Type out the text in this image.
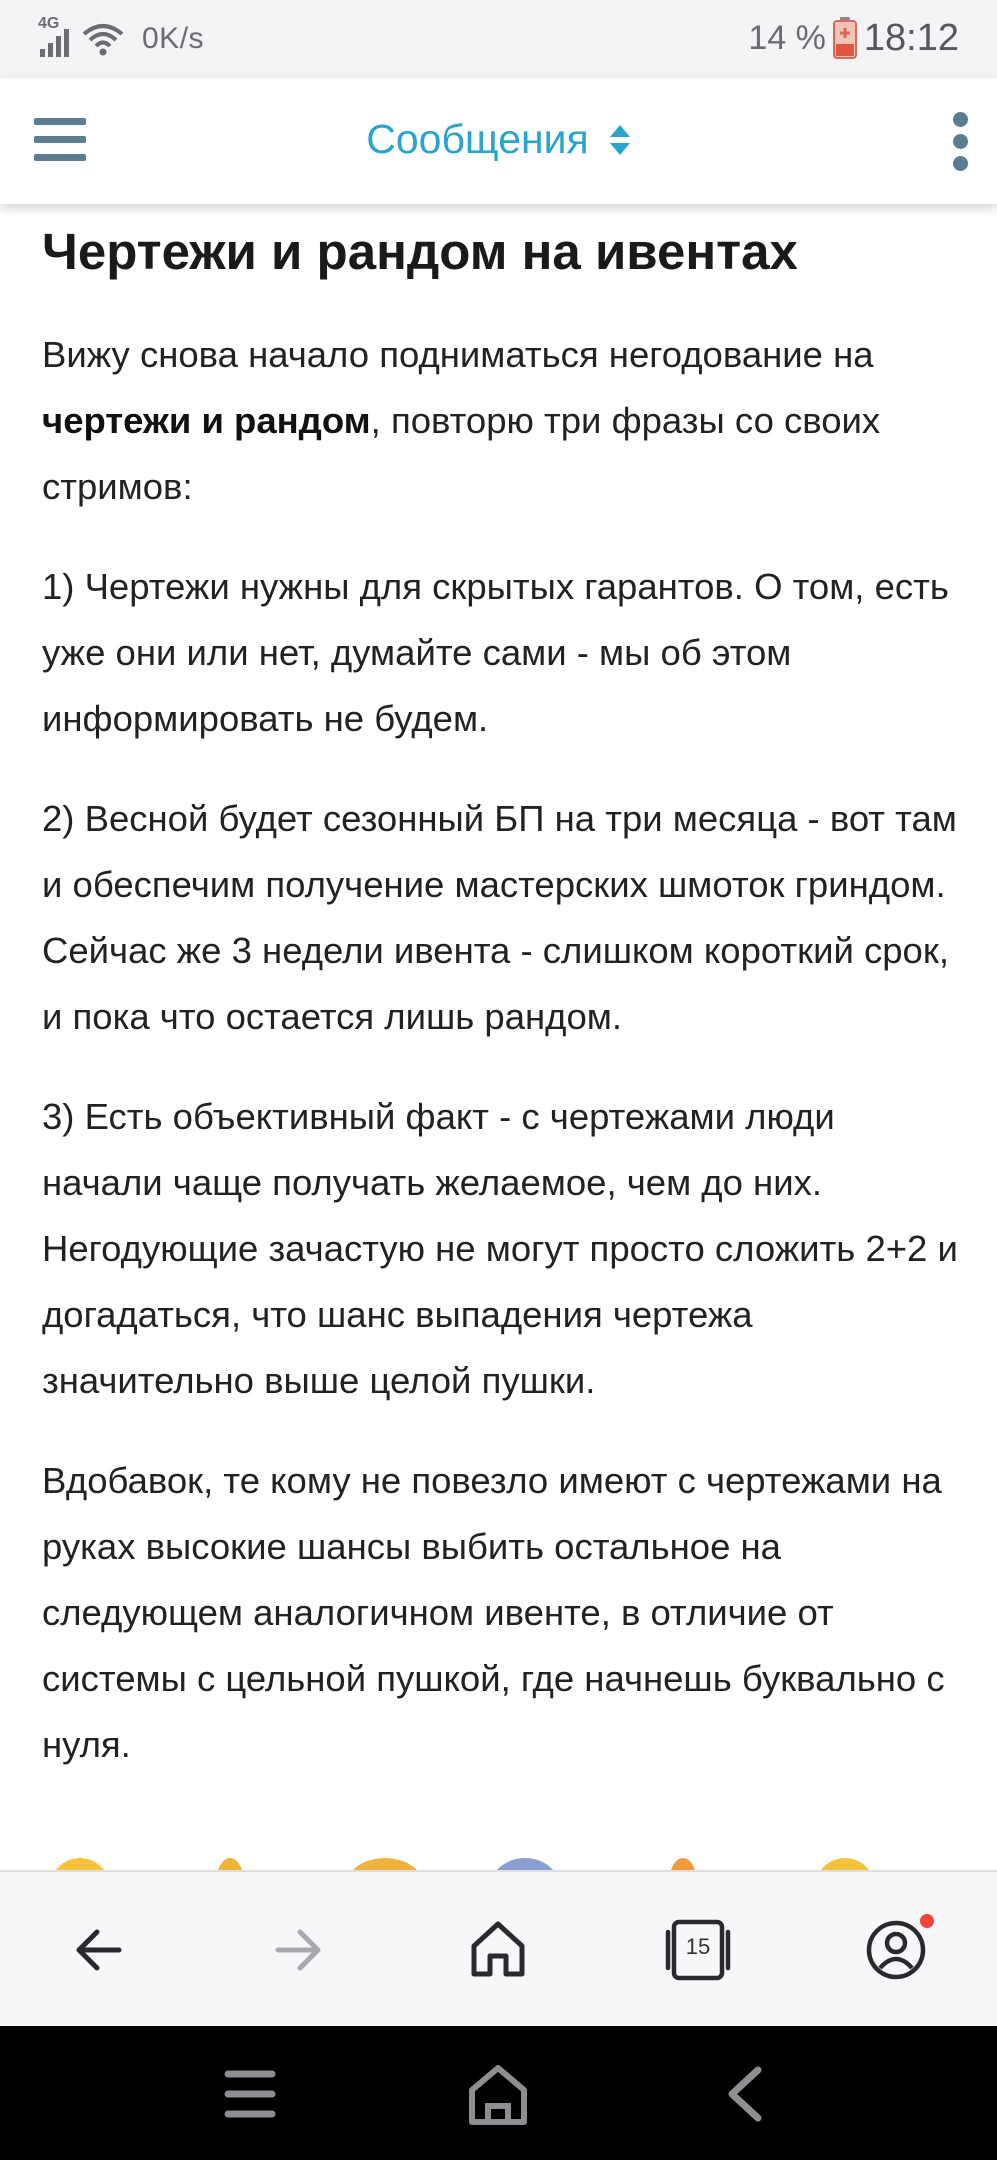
4G	0K/s	14 % 18:12
Сообщения
Чертежи и рандом на ивентах

Вижу снова начало подниматься негодование на чертежи и рандом, повторю три фразы со своих стримов:

1) Чертежи нужны для скрытых гарантов. О том, есть уже они или нет, думайте сами - мы об этом информировать не будем.

2) Весной будет сезонный БП на три месяца - вот там и обеспечим получение мастерских шмоток гриндом. Сейчас же 3 недели ивента - слишком короткий срок, и пока что остается лишь рандом.

3) Есть объективный факт - с чертежами люди начали чаще получать желаемое, чем до них. Негодующие зачастую не могут просто сложить 2+2 и догадаться, что шанс выпадения чертежа значительно выше целой пушки.

Вдобавок, те кому не повезло имеют с чертежами на руках высокие шансы выбить остальное на следующем аналогичном ивенте, в отличие от системы с цельной пушкой, где начнешь буквально с нуля.

15
